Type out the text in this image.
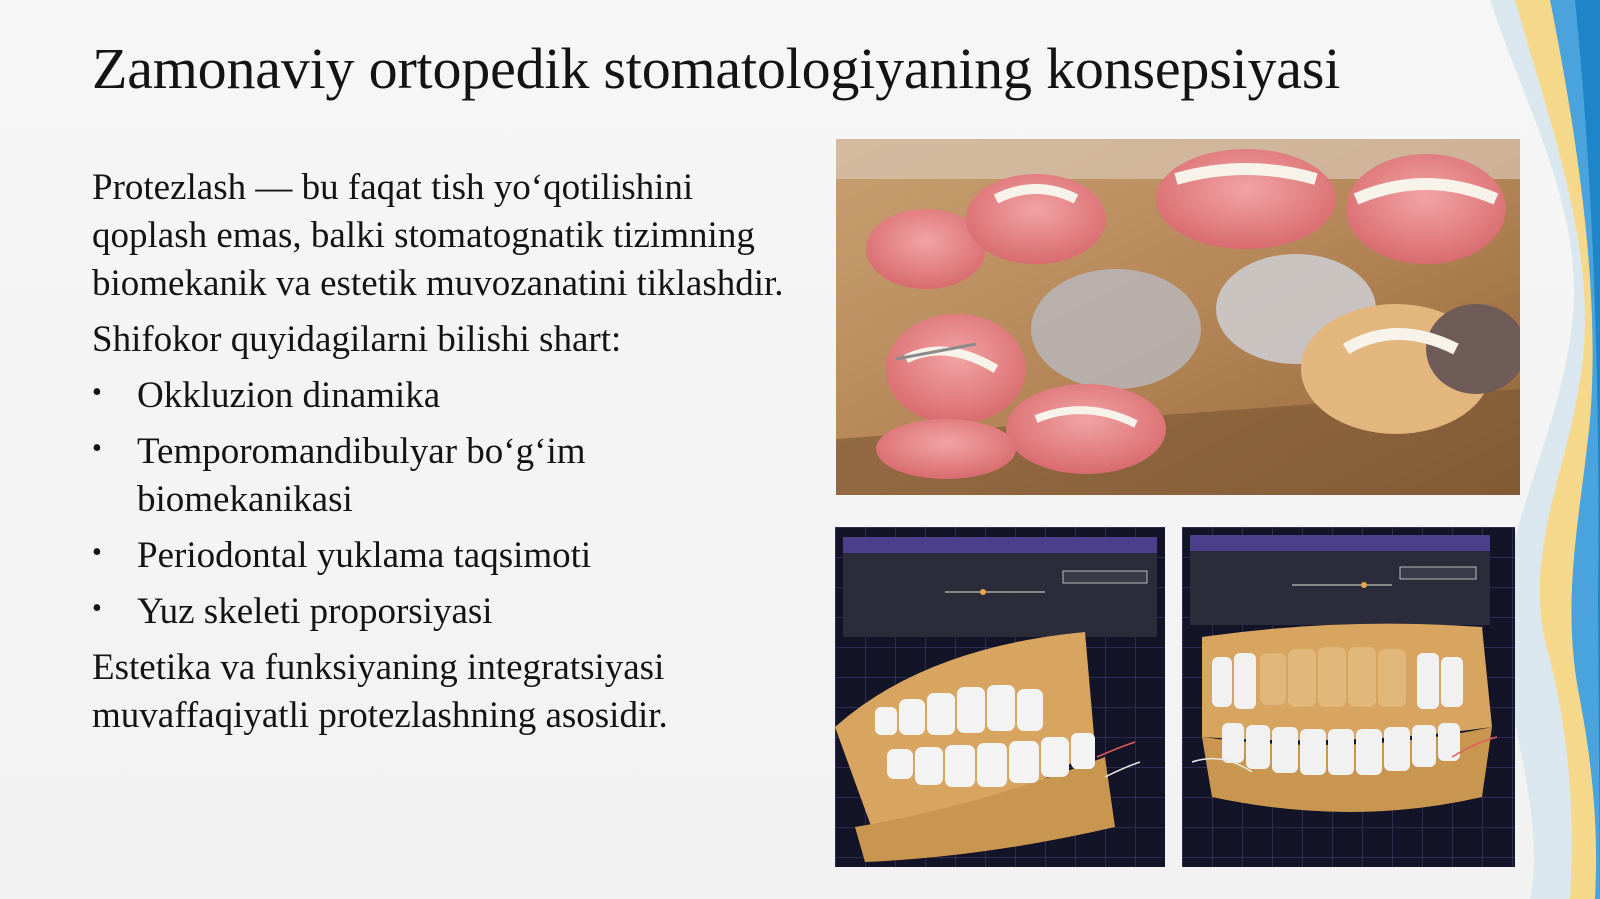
Zamonaviy ortopedik stomatologiyaning konsepsiyasi

Protezlash — bu faqat tish yo‘qotilishini qoplash emas, balki stomatognatik tizimning biomekanik va estetik muvozanatini tiklashdir.

Shifokor quyidagilarni bilishi shart:

• Okkluzion dinamika
• Temporomandibulyar bo‘g‘im biomekanikasi
• Periodontal yuklama taqsimoti
• Yuz skeleti proporsiyasi

Estetika va funksiyaning integratsiyasi muvaffaqiyatli protezlashning asosidir.
